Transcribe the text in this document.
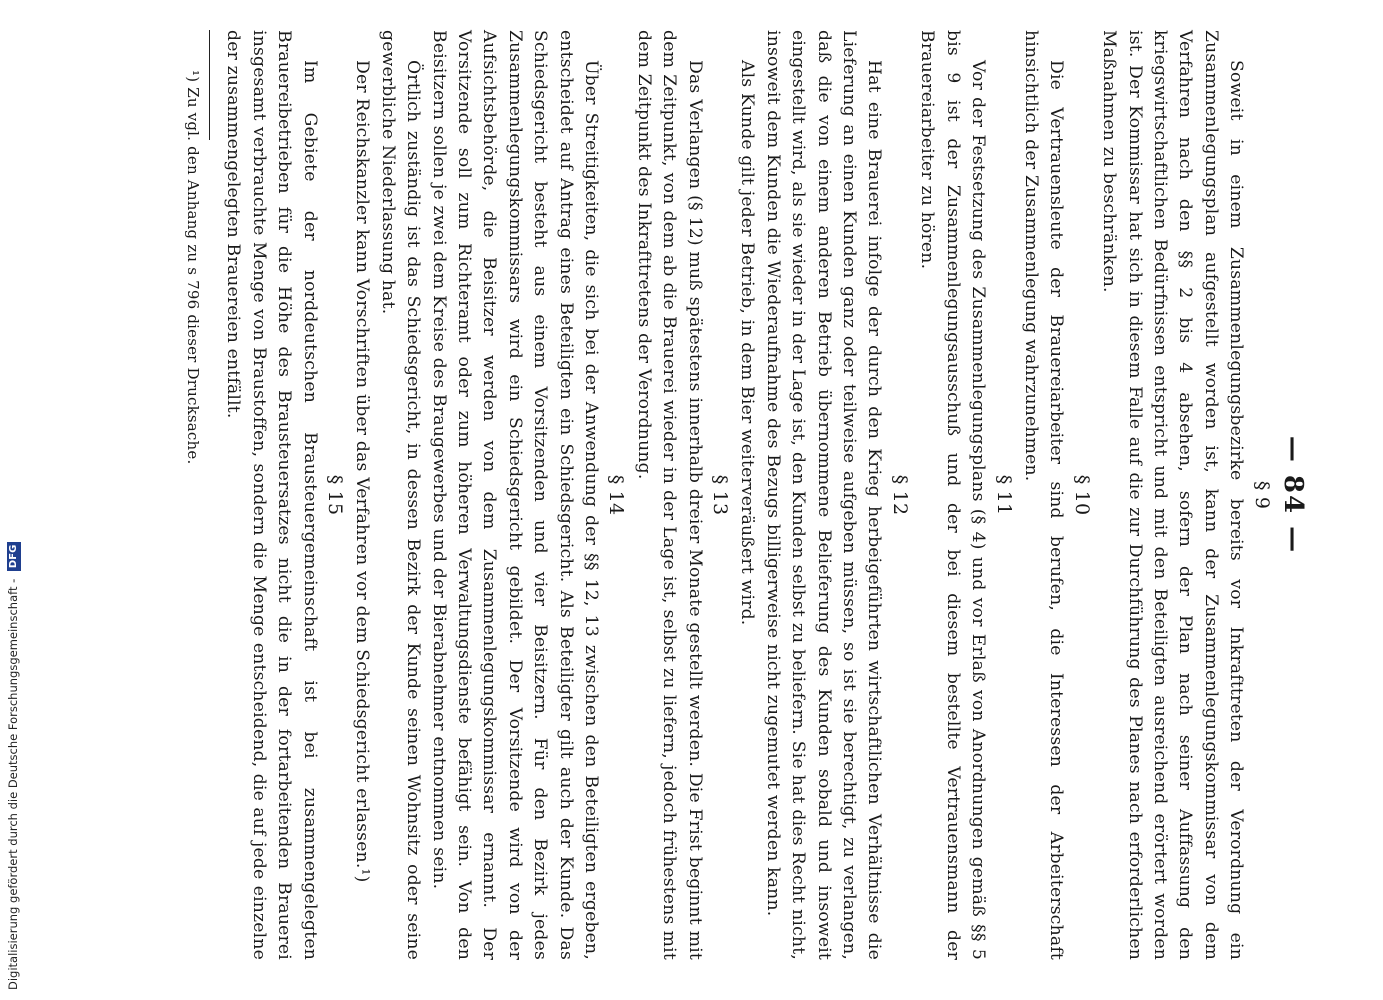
— 84 —
§ 9

Soweit in einem Zusammenlegungsbezirke bereits vor Inkrafttreten der Verordnung ein Zusammenlegungsplan aufgestellt worden ist, kann der Zusammenlegungskommissar von dem Verfahren nach den §§ 2 bis 4 absehen, sofern der Plan nach seiner Auffassung den kriegswirtschaftlichen Bedürfnissen entspricht und mit den Beteiligten ausreichend erörtert worden ist. Der Kommissar hat sich in diesem Falle auf die zur Durchführung des Planes nach erforderlichen Maßnahmen zu beschränken.

§ 10

Die Vertrauensleute der Brauereiarbeiter sind berufen, die Interessen der Arbeiterschaft hinsichtlich der Zusammenlegung wahrzunehmen.

§ 11

Vor der Festsetzung des Zusammenlegungsplans (§ 4) und vor Erlaß von Anordnungen gemäß §§ 5 bis 9 ist der Zusammenlegungsausschuß und der bei diesem bestellte Vertrauensmann der Brauereiarbeiter zu hören.

§ 12

Hat eine Brauerei infolge der durch den Krieg herbeigeführten wirtschaftlichen Verhältnisse die Lieferung an einen Kunden ganz oder teilweise aufgeben müssen, so ist sie berechtigt, zu verlangen, daß die von einem anderen Betrieb übernommene Belieferung des Kunden sobald und insoweit eingestellt wird, als sie wieder in der Lage ist, den Kunden selbst zu beliefern. Sie hat dies Recht nicht, insoweit dem Kunden die Wiederaufnahme des Bezugs billigerweise nicht zugemutet werden kann.

Als Kunde gilt jeder Betrieb, in dem Bier weiterveräußert wird.

§ 13

Das Verlangen (§ 12) muß spätestens innerhalb dreier Monate gestellt werden. Die Frist beginnt mit dem Zeitpunkt, von dem ab die Brauerei wieder in der Lage ist, selbst zu liefern, jedoch frühestens mit dem Zeitpunkt des Inkrafttretens der Verordnung.

§ 14

Über Streitigkeiten, die sich bei der Anwendung der §§ 12, 13 zwischen den Beteiligten ergeben, entscheidet auf Antrag eines Beteiligten ein Schiedsgericht. Als Beteiligter gilt auch der Kunde. Das Schiedsgericht besteht aus einem Vorsitzenden und vier Beisitzern. Für den Bezirk jedes Zusammenlegungskommissars wird ein Schiedsgericht gebildet. Der Vorsitzende wird von der Aufsichtsbehörde, die Beisitzer werden von dem Zusammenlegungskommissar ernannt. Der Vorsitzende soll zum Richteramt oder zum höheren Verwaltungsdienste befähigt sein. Von den Beisitzern sollen je zwei dem Kreise des Braugewerbes und der Bierabnehmer entnommen sein.

Örtlich zuständig ist das Schiedsgericht, in dessen Bezirk der Kunde seinen Wohnsitz oder seine gewerbliche Niederlassung hat.

Der Reichskanzler kann Vorschriften über das Verfahren vor dem Schiedsgericht erlassen.¹)

§ 15

Im Gebiete der norddeutschen Brausteuergemeinschaft ist bei zusammengelegten Brauereibetrieben für die Höhe des Brausteuersatzes nicht die in der fortarbeitenden Brauerei insgesamt verbrauchte Menge von Braustoffen, sondern die Menge entscheidend, die auf jede einzelne der zusammengelegten Brauereien entfällt.

¹) Zu vgl. den Anhang zu s 796 dieser Drucksache.

Digitalisierung gefördert durch die Deutsche Forschungsgemeinschaft - DFG
